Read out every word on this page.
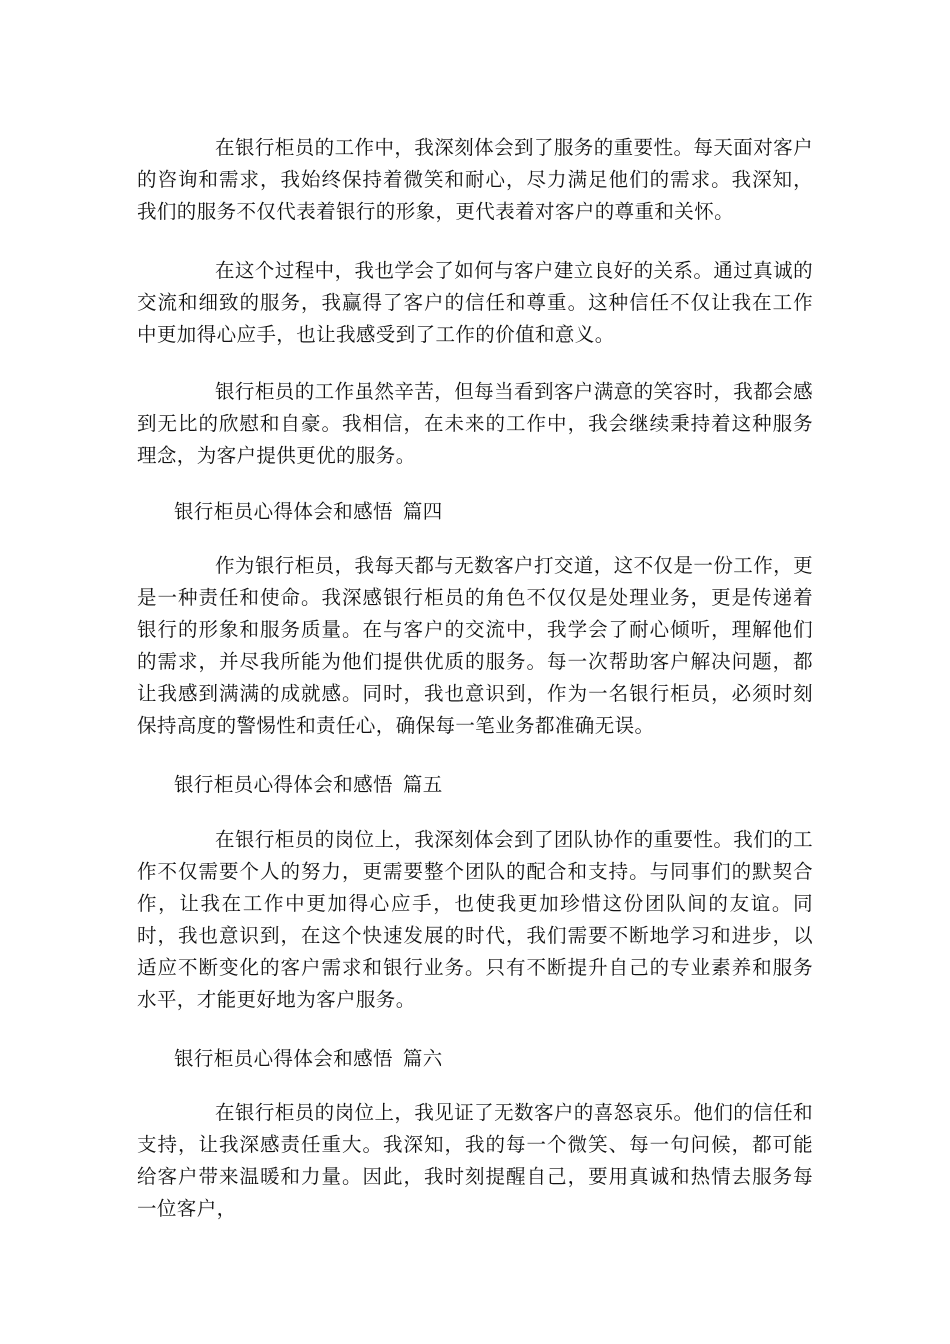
在银行柜员的工作中，我深刻体会到了服务的重要性。每天面对客户的咨询和需求，我始终保持着微笑和耐心，尽力满足他们的需求。我深知，我们的服务不仅代表着银行的形象，更代表着对客户的尊重和关怀。

在这个过程中，我也学会了如何与客户建立良好的关系。通过真诚的交流和细致的服务，我赢得了客户的信任和尊重。这种信任不仅让我在工作中更加得心应手，也让我感受到了工作的价值和意义。

银行柜员的工作虽然辛苦，但每当看到客户满意的笑容时，我都会感到无比的欣慰和自豪。我相信，在未来的工作中，我会继续秉持着这种服务理念，为客户提供更优的服务。

银行柜员心得体会和感悟 篇四

作为银行柜员，我每天都与无数客户打交道，这不仅是一份工作，更是一种责任和使命。我深感银行柜员的角色不仅仅是处理业务，更是传递着银行的形象和服务质量。在与客户的交流中，我学会了耐心倾听，理解他们的需求，并尽我所能为他们提供优质的服务。每一次帮助客户解决问题，都让我感到满满的成就感。同时，我也意识到，作为一名银行柜员，必须时刻保持高度的警惕性和责任心，确保每一笔业务都准确无误。

银行柜员心得体会和感悟 篇五

在银行柜员的岗位上，我深刻体会到了团队协作的重要性。我们的工作不仅需要个人的努力，更需要整个团队的配合和支持。与同事们的默契合作，让我在工作中更加得心应手，也使我更加珍惜这份团队间的友谊。同时，我也意识到，在这个快速发展的时代，我们需要不断地学习和进步，以适应不断变化的客户需求和银行业务。只有不断提升自己的专业素养和服务水平，才能更好地为客户服务。

银行柜员心得体会和感悟 篇六

在银行柜员的岗位上，我见证了无数客户的喜怒哀乐。他们的信任和支持，让我深感责任重大。我深知，我的每一个微笑、每一句问候，都可能给客户带来温暖和力量。因此，我时刻提醒自己，要用真诚和热情去服务每一位客户，
